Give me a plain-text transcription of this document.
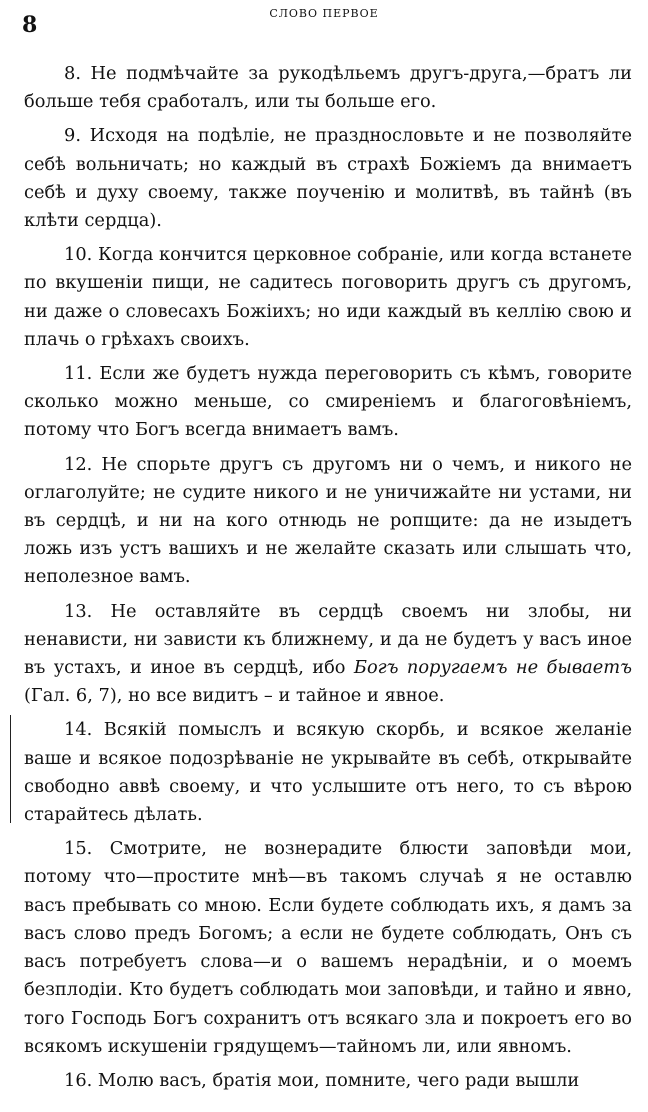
8	СЛОВО ПЕРВОЕ

8. Не подмѣчайте за рукодѣльемъ другъ-друга,—братъ ли больше тебя сработалъ, или ты больше его.

9. Исходя на подѣліе, не празднословьте и не позволяйте себѣ вольничать; но каждый въ страхѣ Божіемъ да внимаетъ себѣ и духу своему, также поученію и молитвѣ, въ тайнѣ (въ клѣти сердца).

10. Когда кончится церковное собраніе, или когда встанете по вкушеніи пищи, не садитесь поговорить другъ съ другомъ, ни даже о словесахъ Божіихъ; но иди каждый въ келлію свою и плачь о грѣхахъ своихъ.

11. Если же будетъ нужда переговорить съ кѣмъ, говорите сколько можно меньше, со смиреніемъ и благоговѣніемъ, потому что Богъ всегда внимаетъ вамъ.

12. Не спорьте другъ съ другомъ ни о чемъ, и никого не оглаголуйте; не судите никого и не уничижайте ни устами, ни въ сердцѣ, и ни на кого отнюдь не ропщите: да не изыдетъ ложь изъ устъ вашихъ и не желайте сказать или слышать что, неполезное вамъ.

13. Не оставляйте въ сердцѣ своемъ ни злобы, ни ненависти, ни зависти къ ближнему, и да не будетъ у васъ иное въ устахъ, и иное въ сердцѣ, ибо Богъ поругаемъ не бываетъ (Гал. 6, 7), но все видитъ – и тайное и явное.

14. Всякій помыслъ и всякую скорбь, и всякое желаніе ваше и всякое подозрѣваніе не укрывайте въ себѣ, открывайте свободно аввѣ своему, и что услышите отъ него, то съ вѣрою старайтесь дѣлать.

15. Смотрите, не вознерадите блюсти заповѣди мои, потому что—простите мнѣ—въ такомъ случаѣ я не оставлю васъ пребывать со мною. Если будете соблюдать ихъ, я дамъ за васъ слово предъ Богомъ; а если не будете соблюдать, Онъ съ васъ потребуетъ слова—и о вашемъ нерадѣніи, и о моемъ безплодіи. Кто будетъ соблюдать мои заповѣди, и тайно и явно, того Господь Богъ сохранитъ отъ всякаго зла и покроетъ его во всякомъ искушеніи грядущемъ—тайномъ ли, или явномъ.

16. Молю васъ, братія мои, помните, чего ради вышли
